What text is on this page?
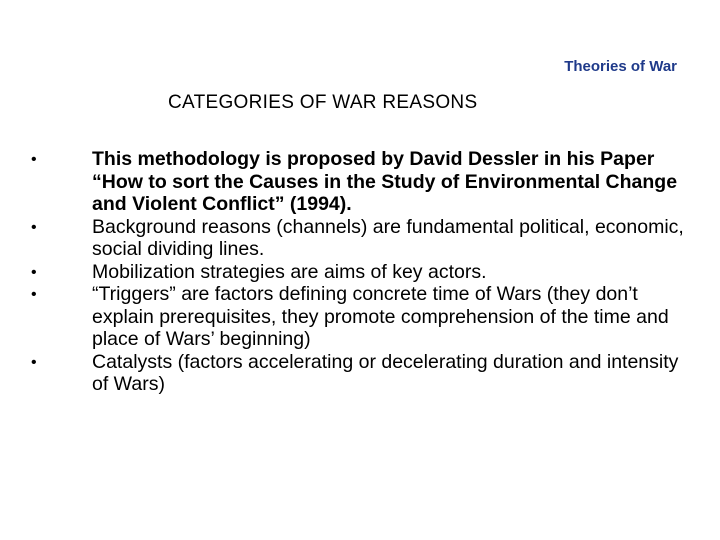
Theories of War
CATEGORIES OF WAR REASONS
•	This methodology is proposed by David Dessler in his Paper “How to sort the Causes in the Study of Environmental Change and Violent Conflict” (1994).
•	Background reasons (channels) are fundamental political, economic, social dividing lines.
•	Mobilization strategies are aims of key actors.
•	“Triggers” are factors defining concrete time of Wars (they don’t explain prerequisites, they promote comprehension of the time and place of Wars’ beginning)
•	Catalysts (factors accelerating or decelerating duration and intensity of Wars)
